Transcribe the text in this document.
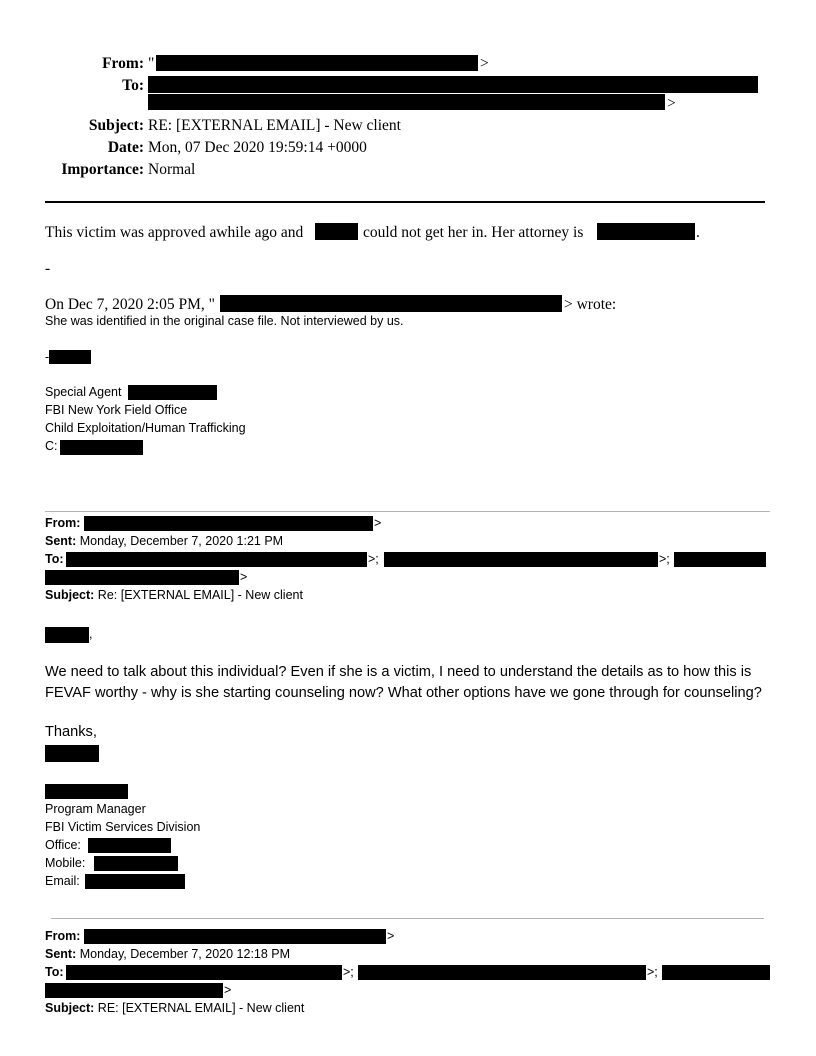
From: "	>
To:
>
Subject: RE: [EXTERNAL EMAIL] - New client
Date: Mon, 07 Dec 2020 19:59:14 +0000
Importance: Normal
This victim was approved awhile ago and	could not get her in. Her attorney is	.
-
On Dec 7, 2020 2:05 PM, "	> wrote:
She was identified in the original case file. Not interviewed by us.
-
Special Agent
FBI New York Field Office
Child Exploitation/Human Trafficking
C:
From:	>
Sent: Monday, December 7, 2020 1:21 PM
To:	>;	>;
>
Subject: Re: [EXTERNAL EMAIL] - New client
,
We need to talk about this individual? Even if she is a victim, I need to understand the details as to how this is
FEVAF worthy - why is she starting counseling now? What other options have we gone through for counseling?
Thanks,
Program Manager
FBI Victim Services Division
Office:
Mobile:
Email:
From:	>
Sent: Monday, December 7, 2020 12:18 PM
To:	>;	>;
>
Subject: RE: [EXTERNAL EMAIL] - New client
